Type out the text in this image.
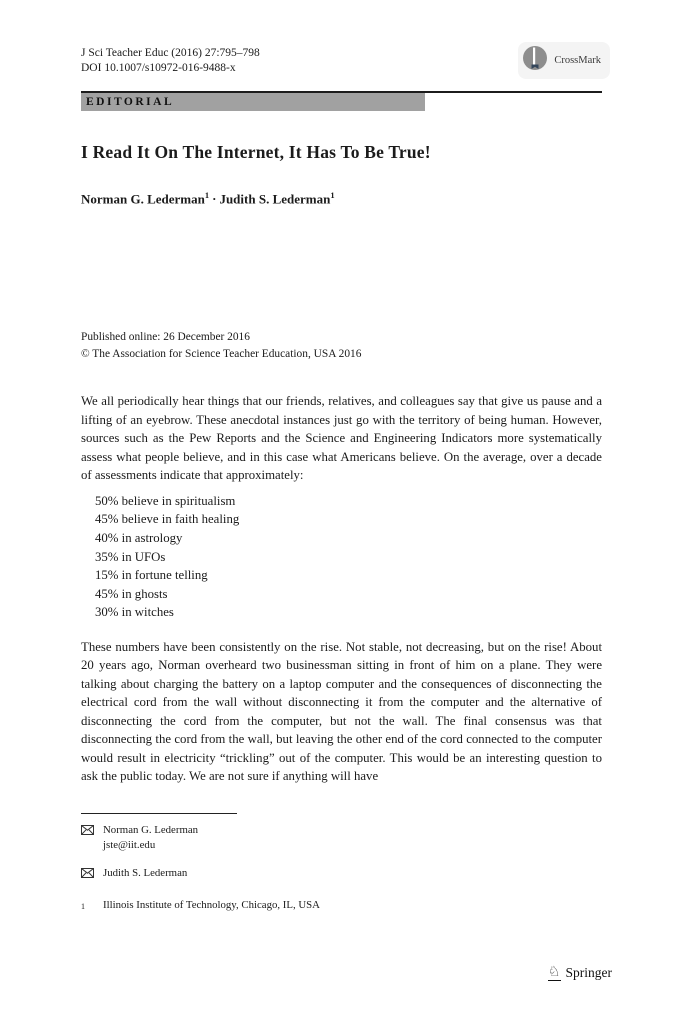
J Sci Teacher Educ (2016) 27:795–798
DOI 10.1007/s10972-016-9488-x
CrossMark
EDITORIAL
I Read It On The Internet, It Has To Be True!
Norman G. Lederman$^1$ · Judith S. Lederman$^1$
Published online: 26 December 2016
© The Association for Science Teacher Education, USA 2016

We all periodically hear things that our friends, relatives, and colleagues say that give us pause and a lifting of an eyebrow. These anecdotal instances just go with the territory of being human. However, sources such as the Pew Reports and the Science and Engineering Indicators more systematically assess what people believe, and in this case what Americans believe. On the average, over a decade of assessments indicate that approximately:

50% believe in spiritualism
45% believe in faith healing
40% in astrology
35% in UFOs
15% in fortune telling
45% in ghosts
30% in witches

These numbers have been consistently on the rise. Not stable, not decreasing, but on the rise! About 20 years ago, Norman overheard two businessman sitting in front of him on a plane. They were talking about charging the battery on a laptop computer and the consequences of disconnecting the electrical cord from the wall without disconnecting it from the computer and the alternative of disconnecting the cord from the computer, but not the wall. The final consensus was that disconnecting the cord from the wall, but leaving the other end of the cord connected to the computer would result in electricity “trickling” out of the computer. This would be an interesting question to ask the public today. We are not sure if anything will have

Norman G. Lederman
jste@iit.edu
Judith S. Lederman
1	Illinois Institute of Technology, Chicago, IL, USA
♘ Springer
